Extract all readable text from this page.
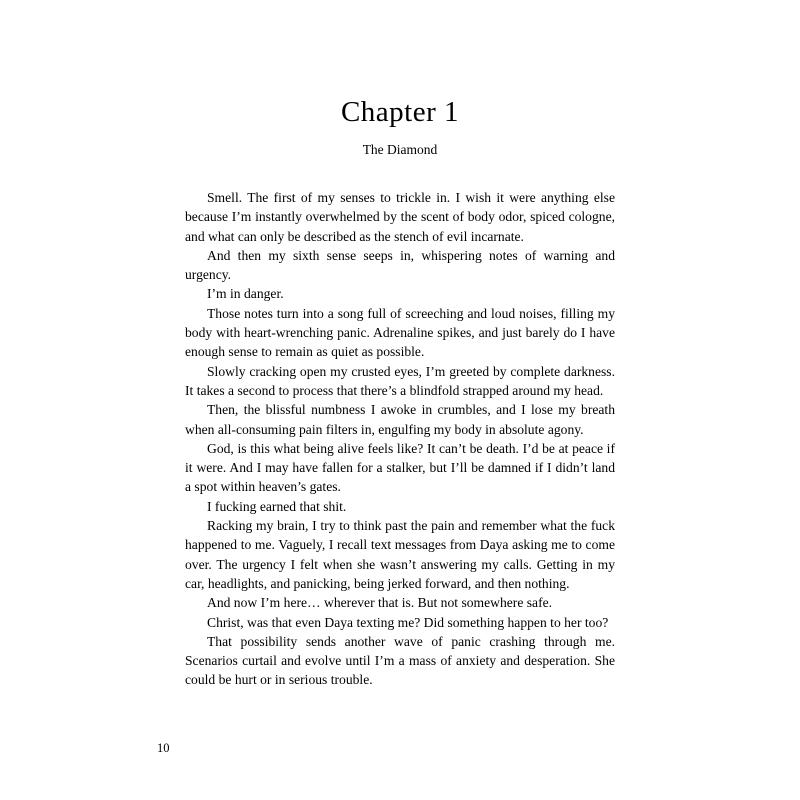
Chapter 1
The Diamond

Smell. The first of my senses to trickle in. I wish it were anything else because I’m instantly overwhelmed by the scent of body odor, spiced cologne, and what can only be described as the stench of evil incarnate.

And then my sixth sense seeps in, whispering notes of warning and urgency.

I’m in danger.

Those notes turn into a song full of screeching and loud noises, filling my body with heart-wrenching panic. Adrenaline spikes, and just barely do I have enough sense to remain as quiet as possible.

Slowly cracking open my crusted eyes, I’m greeted by complete darkness. It takes a second to process that there’s a blindfold strapped around my head.

Then, the blissful numbness I awoke in crumbles, and I lose my breath when all-consuming pain filters in, engulfing my body in absolute agony.

God, is this what being alive feels like? It can’t be death. I’d be at peace if it were. And I may have fallen for a stalker, but I’ll be damned if I didn’t land a spot within heaven’s gates.

I fucking earned that shit.

Racking my brain, I try to think past the pain and remember what the fuck happened to me. Vaguely, I recall text messages from Daya asking me to come over. The urgency I felt when she wasn’t answering my calls. Getting in my car, headlights, and panicking, being jerked forward, and then nothing.

And now I’m here… wherever that is. But not somewhere safe.

Christ, was that even Daya texting me? Did something happen to her too?

That possibility sends another wave of panic crashing through me. Scenarios curtail and evolve until I’m a mass of anxiety and desperation. She could be hurt or in serious trouble.

10
